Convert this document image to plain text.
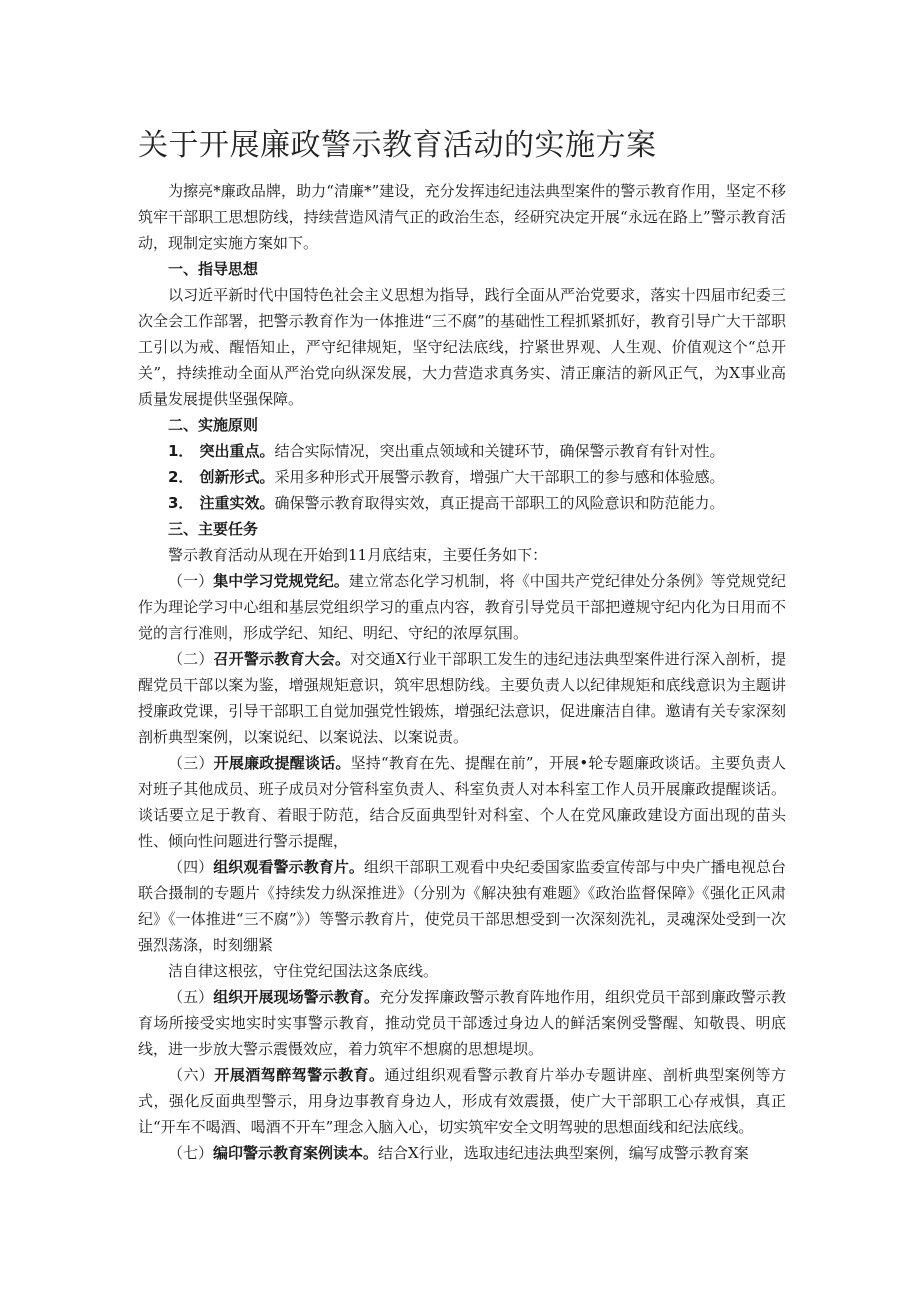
关于开展廉政警示教育活动的实施方案

为擦亮*廉政品牌，助力“清廉*”建设，充分发挥违纪违法典型案件的警示教育作用，坚定不移筑牢干部职工思想防线，持续营造风清气正的政治生态，经研究决定开展“永远在路上”警示教育活动，现制定实施方案如下。

一、指导思想

以习近平新时代中国特色社会主义思想为指导，践行全面从严治党要求，落实十四届市纪委三次全会工作部署，把警示教育作为一体推进“三不腐”的基础性工程抓紧抓好，教育引导广大干部职工引以为戒、醒悟知止，严守纪律规矩，坚守纪法底线，拧紧世界观、人生观、价值观这个“总开关”，持续推动全面从严治党向纵深发展，大力营造求真务实、清正廉洁的新风正气，为X事业高质量发展提供坚强保障。

二、实施原则

1． 突出重点。结合实际情况，突出重点领域和关键环节，确保警示教育有针对性。

2． 创新形式。采用多种形式开展警示教育，增强广大干部职工的参与感和体验感。

3． 注重实效。确保警示教育取得实效，真正提高干部职工的风险意识和防范能力。

三、主要任务

警示教育活动从现在开始到11月底结束，主要任务如下：

（一）集中学习党规党纪。建立常态化学习机制，将《中国共产党纪律处分条例》等党规党纪作为理论学习中心组和基层党组织学习的重点内容，教育引导党员干部把遵规守纪内化为日用而不觉的言行准则，形成学纪、知纪、明纪、守纪的浓厚氛围。

（二）召开警示教育大会。对交通X行业干部职工发生的违纪违法典型案件进行深入剖析，提醒党员干部以案为鉴，增强规矩意识，筑牢思想防线。主要负责人以纪律规矩和底线意识为主题讲授廉政党课，引导干部职工自觉加强党性锻炼，增强纪法意识，促进廉洁自律。邀请有关专家深刻剖析典型案例，以案说纪、以案说法、以案说责。

（三）开展廉政提醒谈话。坚持“教育在先、提醒在前”，开展•轮专题廉政谈话。主要负责人对班子其他成员、班子成员对分管科室负责人、科室负责人对本科室工作人员开展廉政提醒谈话。谈话要立足于教育、着眼于防范，结合反面典型针对科室、个人在党风廉政建设方面出现的苗头性、倾向性问题进行警示提醒，

（四）组织观看警示教育片。组织干部职工观看中央纪委国家监委宣传部与中央广播电视总台联合摄制的专题片《持续发力纵深推进》（分别为《解决独有难题》《政治监督保障》《强化正风肃纪》《一体推进“三不腐”》）等警示教育片，使党员干部思想受到一次深刻洗礼，灵魂深处受到一次强烈荡涤，时刻绷紧

洁自律这根弦，守住党纪国法这条底线。

（五）组织开展现场警示教育。充分发挥廉政警示教育阵地作用，组织党员干部到廉政警示教育场所接受实地实时实事警示教育，推动党员干部透过身边人的鲜活案例受警醒、知敬畏、明底线，进一步放大警示震慑效应，着力筑牢不想腐的思想堤坝。

（六）开展酒驾醉驾警示教育。通过组织观看警示教育片举办专题讲座、剖析典型案例等方式，强化反面典型警示，用身边事教育身边人，形成有效震摄，使广大干部职工心存戒惧，真正让“开车不喝酒、喝酒不开车”理念入脑入心，切实筑牢安全文明驾驶的思想面线和纪法底线。

（七）编印警示教育案例读本。结合X行业，选取违纪违法典型案例，编写成警示教育案
